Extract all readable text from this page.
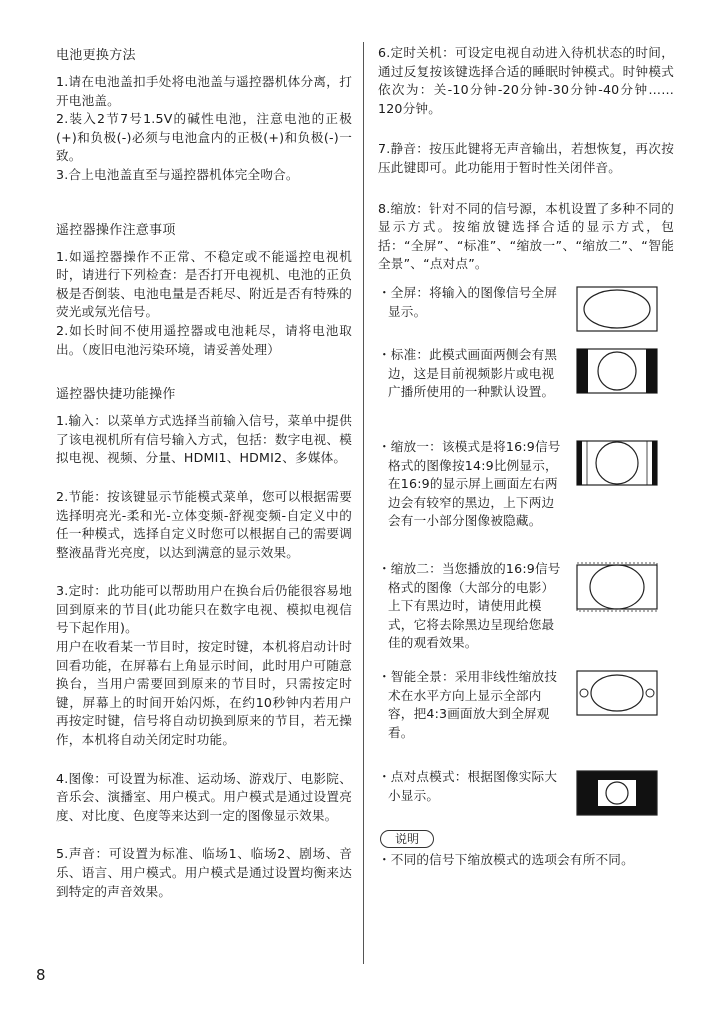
电池更换方法

1.请在电池盖扣手处将电池盖与遥控器机体分离，打开电池盖。

2.装入2节7号1.5V的碱性电池，注意电池的正极(+)和负极(-)必须与电池盒内的正极(+)和负极(-)一致。

3.合上电池盖直至与遥控器机体完全吻合。

遥控器操作注意事项

1.如遥控器操作不正常、不稳定或不能遥控电视机时，请进行下列检查：是否打开电视机、电池的正负极是否倒装、电池电量是否耗尽、附近是否有特殊的荧光或氖光信号。

2.如长时间不使用遥控器或电池耗尽，请将电池取出。（废旧电池污染环境，请妥善处理）

遥控器快捷功能操作

1.输入：以菜单方式选择当前输入信号，菜单中提供了该电视机所有信号输入方式，包括：数字电视、模拟电视、视频、分量、HDMI1、HDMI2、多媒体。

2.节能：按该键显示节能模式菜单，您可以根据需要选择明亮光-柔和光-立体变频-舒视变频-自定义中的任一种模式，选择自定义时您可以根据自己的需要调整液晶背光亮度，以达到满意的显示效果。

3.定时：此功能可以帮助用户在换台后仍能很容易地回到原来的节目(此功能只在数字电视、模拟电视信号下起作用)。
用户在收看某一节目时，按定时键，本机将启动计时回看功能，在屏幕右上角显示时间，此时用户可随意换台，当用户需要回到原来的节目时，只需按定时键，屏幕上的时间开始闪烁，在约10秒钟内若用户再按定时键，信号将自动切换到原来的节目，若无操作，本机将自动关闭定时功能。

4.图像：可设置为标准、运动场、游戏厅、电影院、音乐会、演播室、用户模式。用户模式是通过设置亮度、对比度、色度等来达到一定的图像显示效果。

5.声音：可设置为标准、临场1、临场2、剧场、音乐、语言、用户模式。用户模式是通过设置均衡来达到特定的声音效果。

6.定时关机：可设定电视自动进入待机状态的时间，通过反复按该键选择合适的睡眠时钟模式。时钟模式依次为：关-10分钟-20分钟-30分钟-40分钟……120分钟。

7.静音：按压此键将无声音输出，若想恢复，再次按压此键即可。此功能用于暂时性关闭伴音。

8.缩放：针对不同的信号源，本机设置了多种不同的显示方式。按缩放键选择合适的显示方式，包括：“全屏”、“标准”、“缩放一”、“缩放二”、“智能全景”、“点对点”。

・全屏：将输入的图像信号全屏显示。
・标准：此模式画面两侧会有黑边，这是目前视频影片或电视广播所使用的一种默认设置。
・缩放一：该模式是将16:9信号格式的图像按14:9比例显示，在16:9的显示屏上画面左右两边会有较窄的黑边，上下两边会有一小部分图像被隐藏。
・缩放二：当您播放的16:9信号格式的图像（大部分的电影）上下有黑边时，请使用此模式，它将去除黑边呈现给您最佳的观看效果。
・智能全景：采用非线性缩放技术在水平方向上显示全部内容，把4:3画面放大到全屏观看。
・点对点模式：根据图像实际大小显示。
说明
・不同的信号下缩放模式的选项会有所不同。
8
